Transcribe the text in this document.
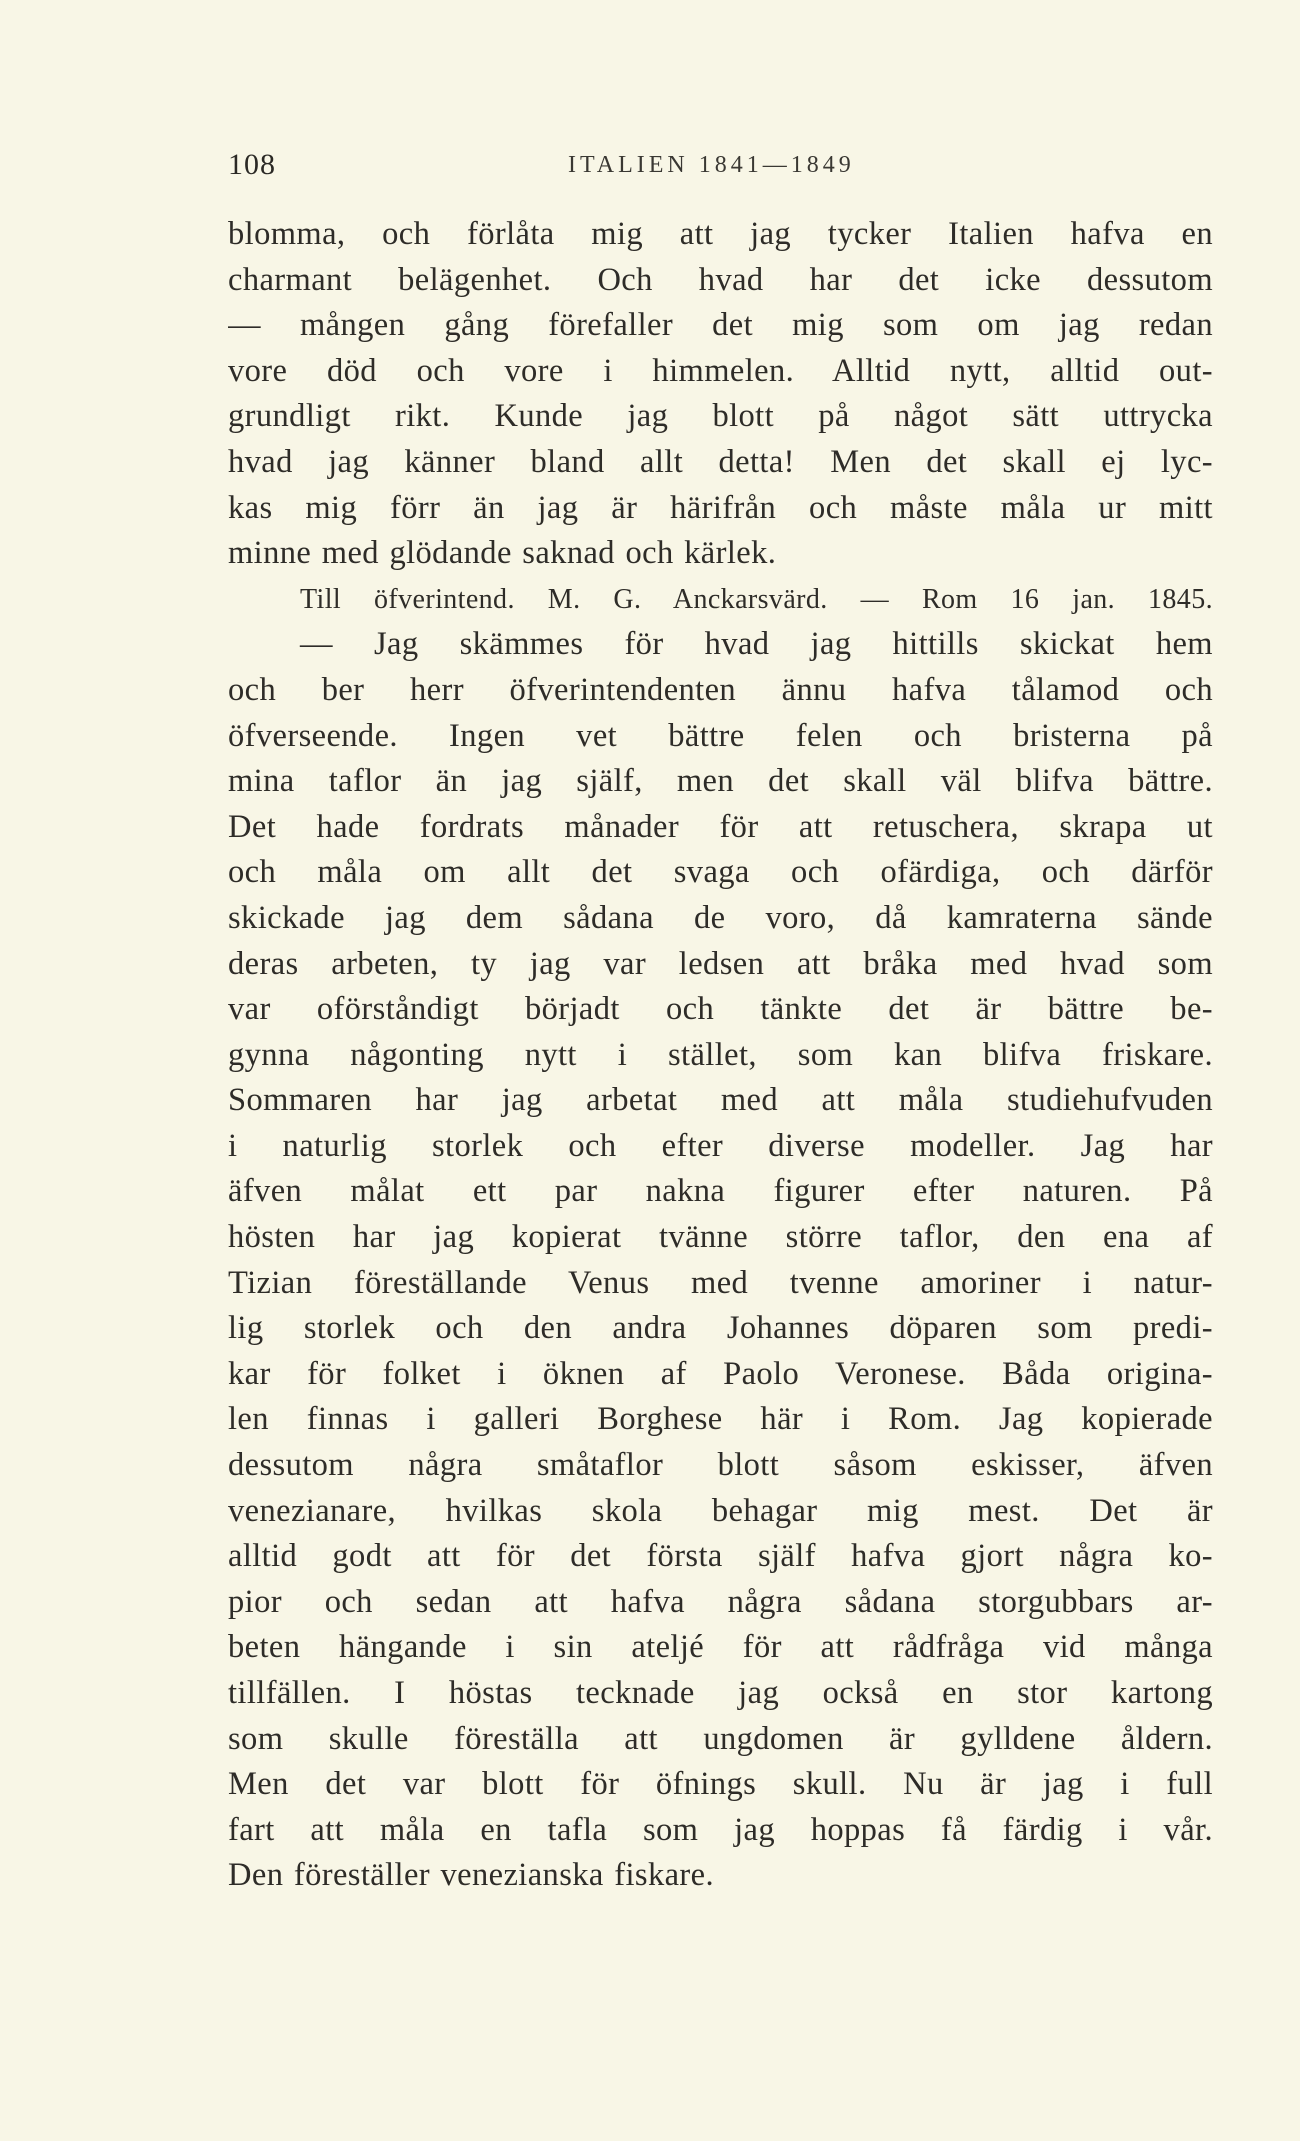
108	ITALIEN 1841—1849
blomma, och förlåta mig att jag tycker Italien hafva en
charmant belägenhet. Och hvad har det icke dessutom
— mången gång förefaller det mig som om jag redan
vore död och vore i himmelen. Alltid nytt, alltid out-
grundligt rikt. Kunde jag blott på något sätt uttrycka
hvad jag känner bland allt detta! Men det skall ej lyc-
kas mig förr än jag är härifrån och måste måla ur mitt
minne med glödande saknad och kärlek.
Till öfverintend. M. G. Anckarsvärd. — Rom 16 jan. 1845.
— Jag skämmes för hvad jag hittills skickat hem
och ber herr öfverintendenten ännu hafva tålamod och
öfverseende. Ingen vet bättre felen och bristerna på
mina taflor än jag själf, men det skall väl blifva bättre.
Det hade fordrats månader för att retuschera, skrapa ut
och måla om allt det svaga och ofärdiga, och därför
skickade jag dem sådana de voro, då kamraterna sände
deras arbeten, ty jag var ledsen att bråka med hvad som
var oförståndigt börjadt och tänkte det är bättre be-
gynna någonting nytt i stället, som kan blifva friskare.
Sommaren har jag arbetat med att måla studiehufvuden
i naturlig storlek och efter diverse modeller. Jag har
äfven målat ett par nakna figurer efter naturen. På
hösten har jag kopierat tvänne större taflor, den ena af
Tizian föreställande Venus med tvenne amoriner i natur-
lig storlek och den andra Johannes döparen som predi-
kar för folket i öknen af Paolo Veronese. Båda origina-
len finnas i galleri Borghese här i Rom. Jag kopierade
dessutom några småtaflor blott såsom eskisser, äfven
venezianare, hvilkas skola behagar mig mest. Det är
alltid godt att för det första själf hafva gjort några ko-
pior och sedan att hafva några sådana storgubbars ar-
beten hängande i sin ateljé för att rådfråga vid många
tillfällen. I höstas tecknade jag också en stor kartong
som skulle föreställa att ungdomen är gylldene åldern.
Men det var blott för öfnings skull. Nu är jag i full
fart att måla en tafla som jag hoppas få färdig i vår.
Den föreställer venezianska fiskare.
